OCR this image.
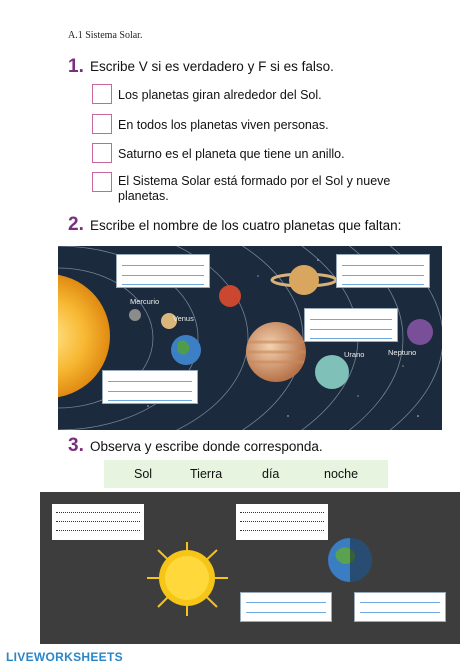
A.1 Sistema Solar.
1. Escribe V si es verdadero y F si es falso.
Los planetas giran alrededor del Sol.
En todos los planetas viven personas.
Saturno es el planeta que tiene un anillo.
El Sistema Solar está formado por el Sol y nueve planetas.
2. Escribe el nombre de los cuatro planetas que faltan:
Mercurio
Venus
Urano	Neptuno
3. Observa y escribe donde corresponda.
Sol	Tierra	día	noche
LIVEWORKSHEETS
